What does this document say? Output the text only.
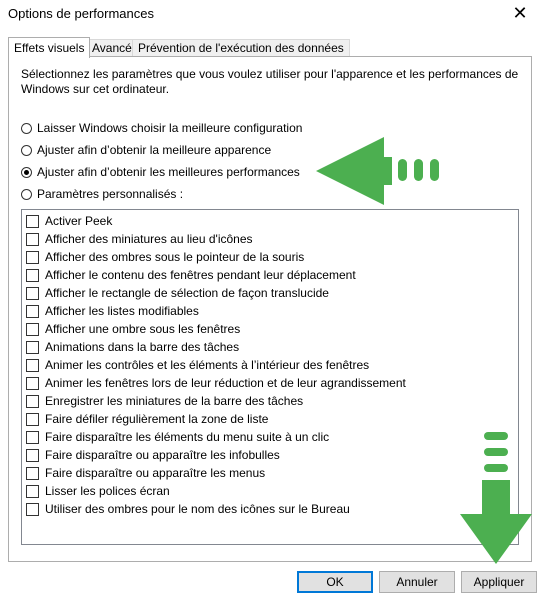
Options de performances	✕
Effets visuels Avancé Prévention de l'exécution des données
Sélectionnez les paramètres que vous voulez utiliser pour l'apparence et les performances de Windows sur cet ordinateur.
Laisser Windows choisir la meilleure configuration
Ajuster afin d’obtenir la meilleure apparence
Ajuster afin d’obtenir les meilleures performances
Paramètres personnalisés :
Activer Peek
Afficher des miniatures au lieu d'icônes
Afficher des ombres sous le pointeur de la souris
Afficher le contenu des fenêtres pendant leur déplacement
Afficher le rectangle de sélection de façon translucide
Afficher les listes modifiables
Afficher une ombre sous les fenêtres
Animations dans la barre des tâches
Animer les contrôles et les éléments à l’intérieur des fenêtres
Animer les fenêtres lors de leur réduction et de leur agrandissement
Enregistrer les miniatures de la barre des tâches
Faire défiler régulièrement la zone de liste
Faire disparaître les éléments du menu suite à un clic
Faire disparaître ou apparaître les infobulles
Faire disparaître ou apparaître les menus
Lisser les polices écran
Utiliser des ombres pour le nom des icônes sur le Bureau
OK	Annuler	Appliquer
